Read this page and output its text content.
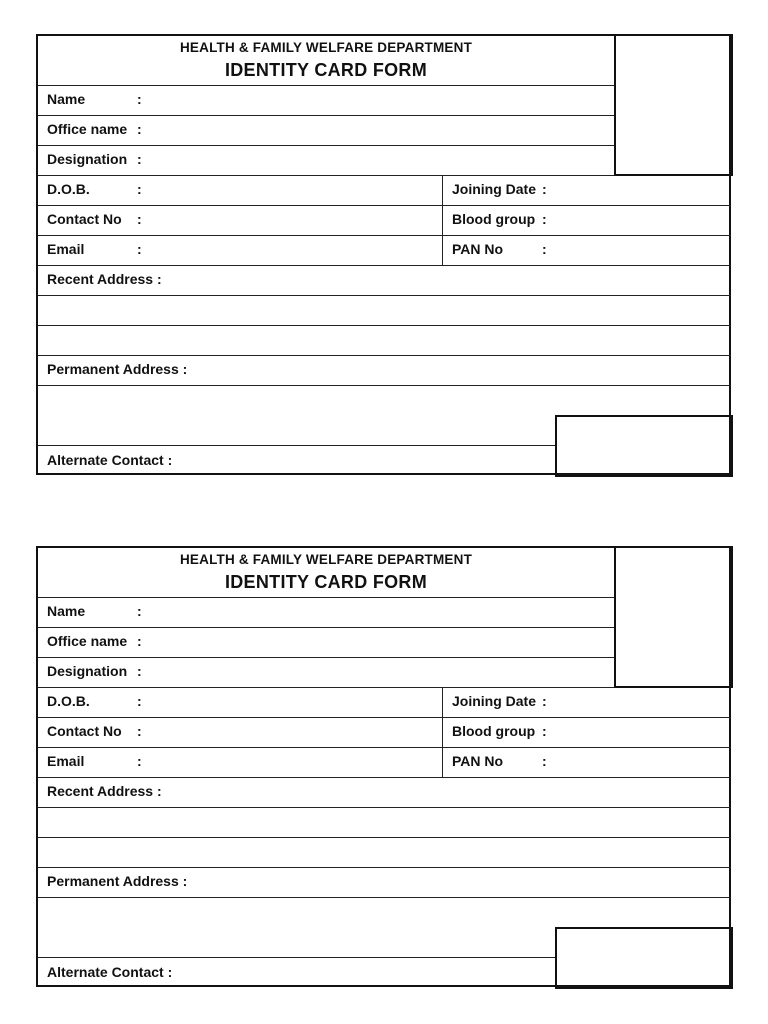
HEALTH & FAMILY WELFARE DEPARTMENT
IDENTITY CARD FORM
Name	:
Office name :
Designation :
D.O.B.	:	Joining Date :
Contact No :	Blood group :
Email	:	PAN No	:
Recent Address :
Permanent Address :
Alternate Contact :
HEALTH & FAMILY WELFARE DEPARTMENT
IDENTITY CARD FORM
Name	:
Office name :
Designation :
D.O.B.	:	Joining Date :
Contact No :	Blood group :
Email	:	PAN No	:
Recent Address :
Permanent Address :
Alternate Contact :
